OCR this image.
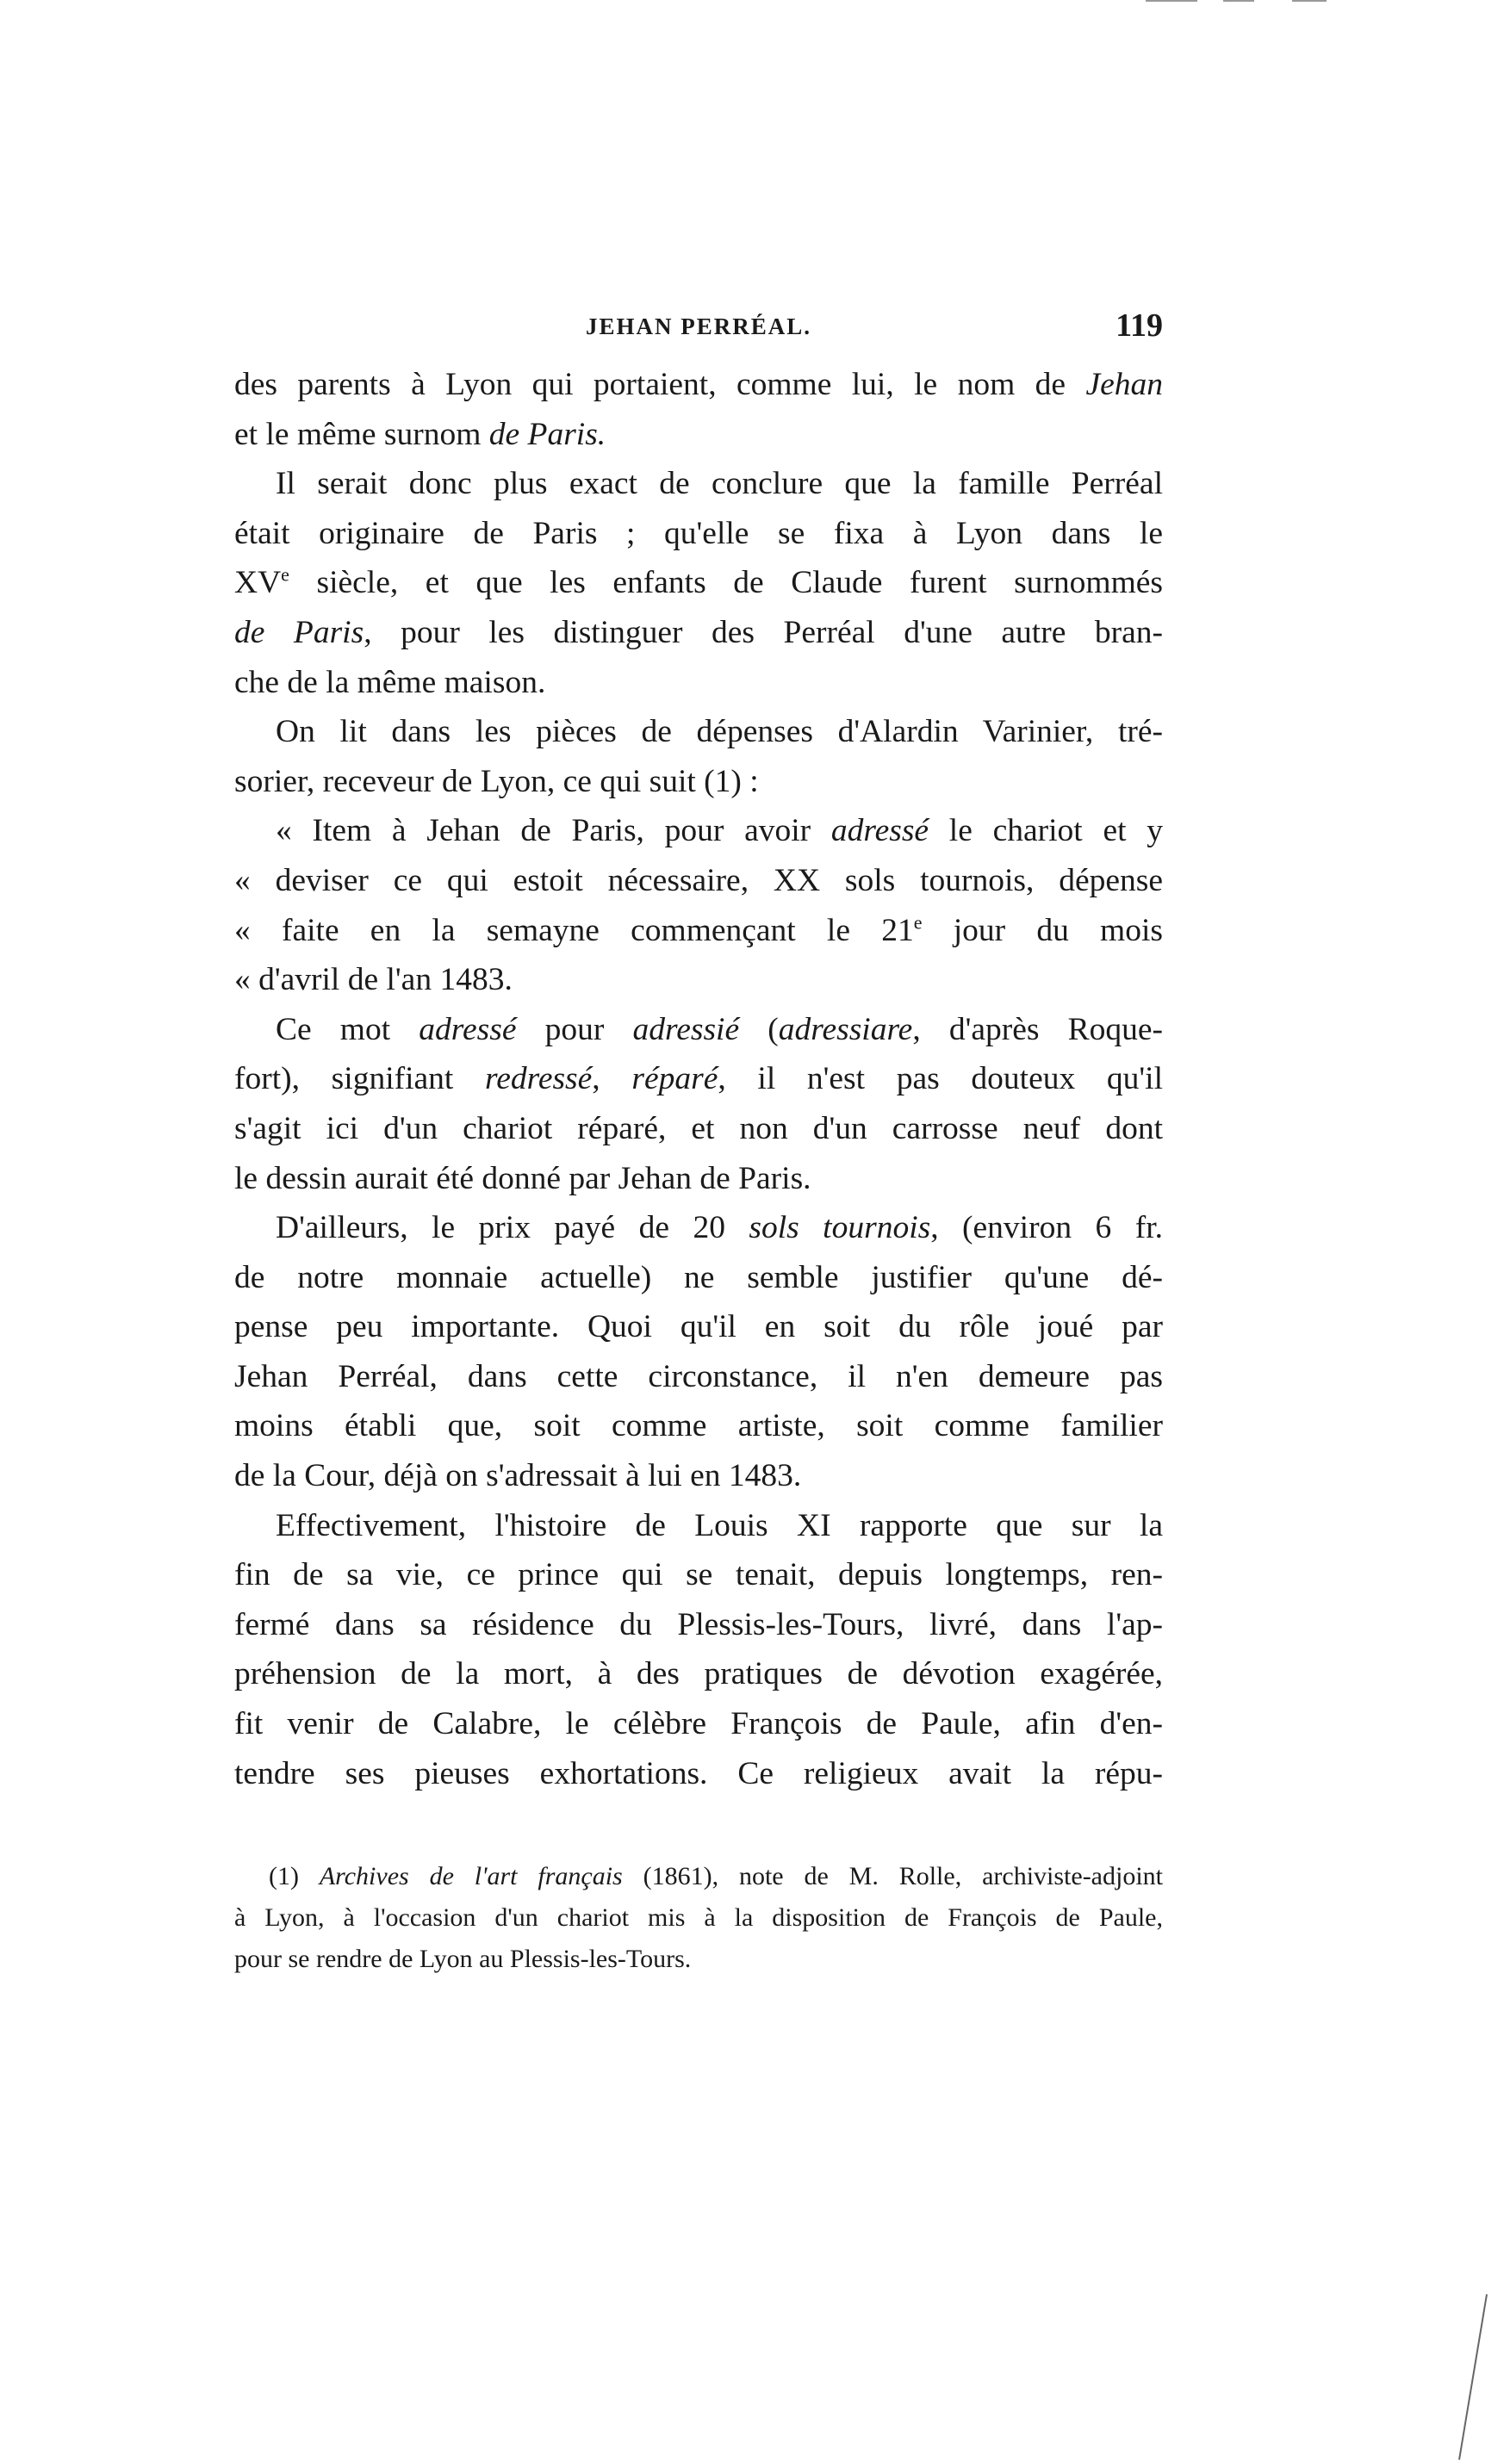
JEHAN PERRÉAL.	119
des parents à Lyon qui portaient, comme lui, le nom de Jehan
et le même surnom de Paris.
Il serait donc plus exact de conclure que la famille Perréal
était originaire de Paris ; qu'elle se fixa à Lyon dans le
XVe siècle, et que les enfants de Claude furent surnommés
de Paris, pour les distinguer des Perréal d'une autre bran-
che de la même maison.
On lit dans les pièces de dépenses d'Alardin Varinier, tré-
sorier, receveur de Lyon, ce qui suit (1) :
« Item à Jehan de Paris, pour avoir adressé le chariot et y
« deviser ce qui estoit nécessaire, XX sols tournois, dépense
« faite en la semayne commençant le 21e jour du mois
« d'avril de l'an 1483.
Ce mot adressé pour adressié (adressiare, d'après Roque-
fort), signifiant redressé, réparé, il n'est pas douteux qu'il
s'agit ici d'un chariot réparé, et non d'un carrosse neuf dont
le dessin aurait été donné par Jehan de Paris.
D'ailleurs, le prix payé de 20 sols tournois, (environ 6 fr.
de notre monnaie actuelle) ne semble justifier qu'une dé-
pense peu importante. Quoi qu'il en soit du rôle joué par
Jehan Perréal, dans cette circonstance, il n'en demeure pas
moins établi que, soit comme artiste, soit comme familier
de la Cour, déjà on s'adressait à lui en 1483.
Effectivement, l'histoire de Louis XI rapporte que sur la
fin de sa vie, ce prince qui se tenait, depuis longtemps, ren-
fermé dans sa résidence du Plessis-les-Tours, livré, dans l'ap-
préhension de la mort, à des pratiques de dévotion exagérée,
fit venir de Calabre, le célèbre François de Paule, afin d'en-
tendre ses pieuses exhortations. Ce religieux avait la répu-
(1) Archives de l'art français (1861), note de M. Rolle, archiviste-adjoint
à Lyon, à l'occasion d'un chariot mis à la disposition de François de Paule,
pour se rendre de Lyon au Plessis-les-Tours.
